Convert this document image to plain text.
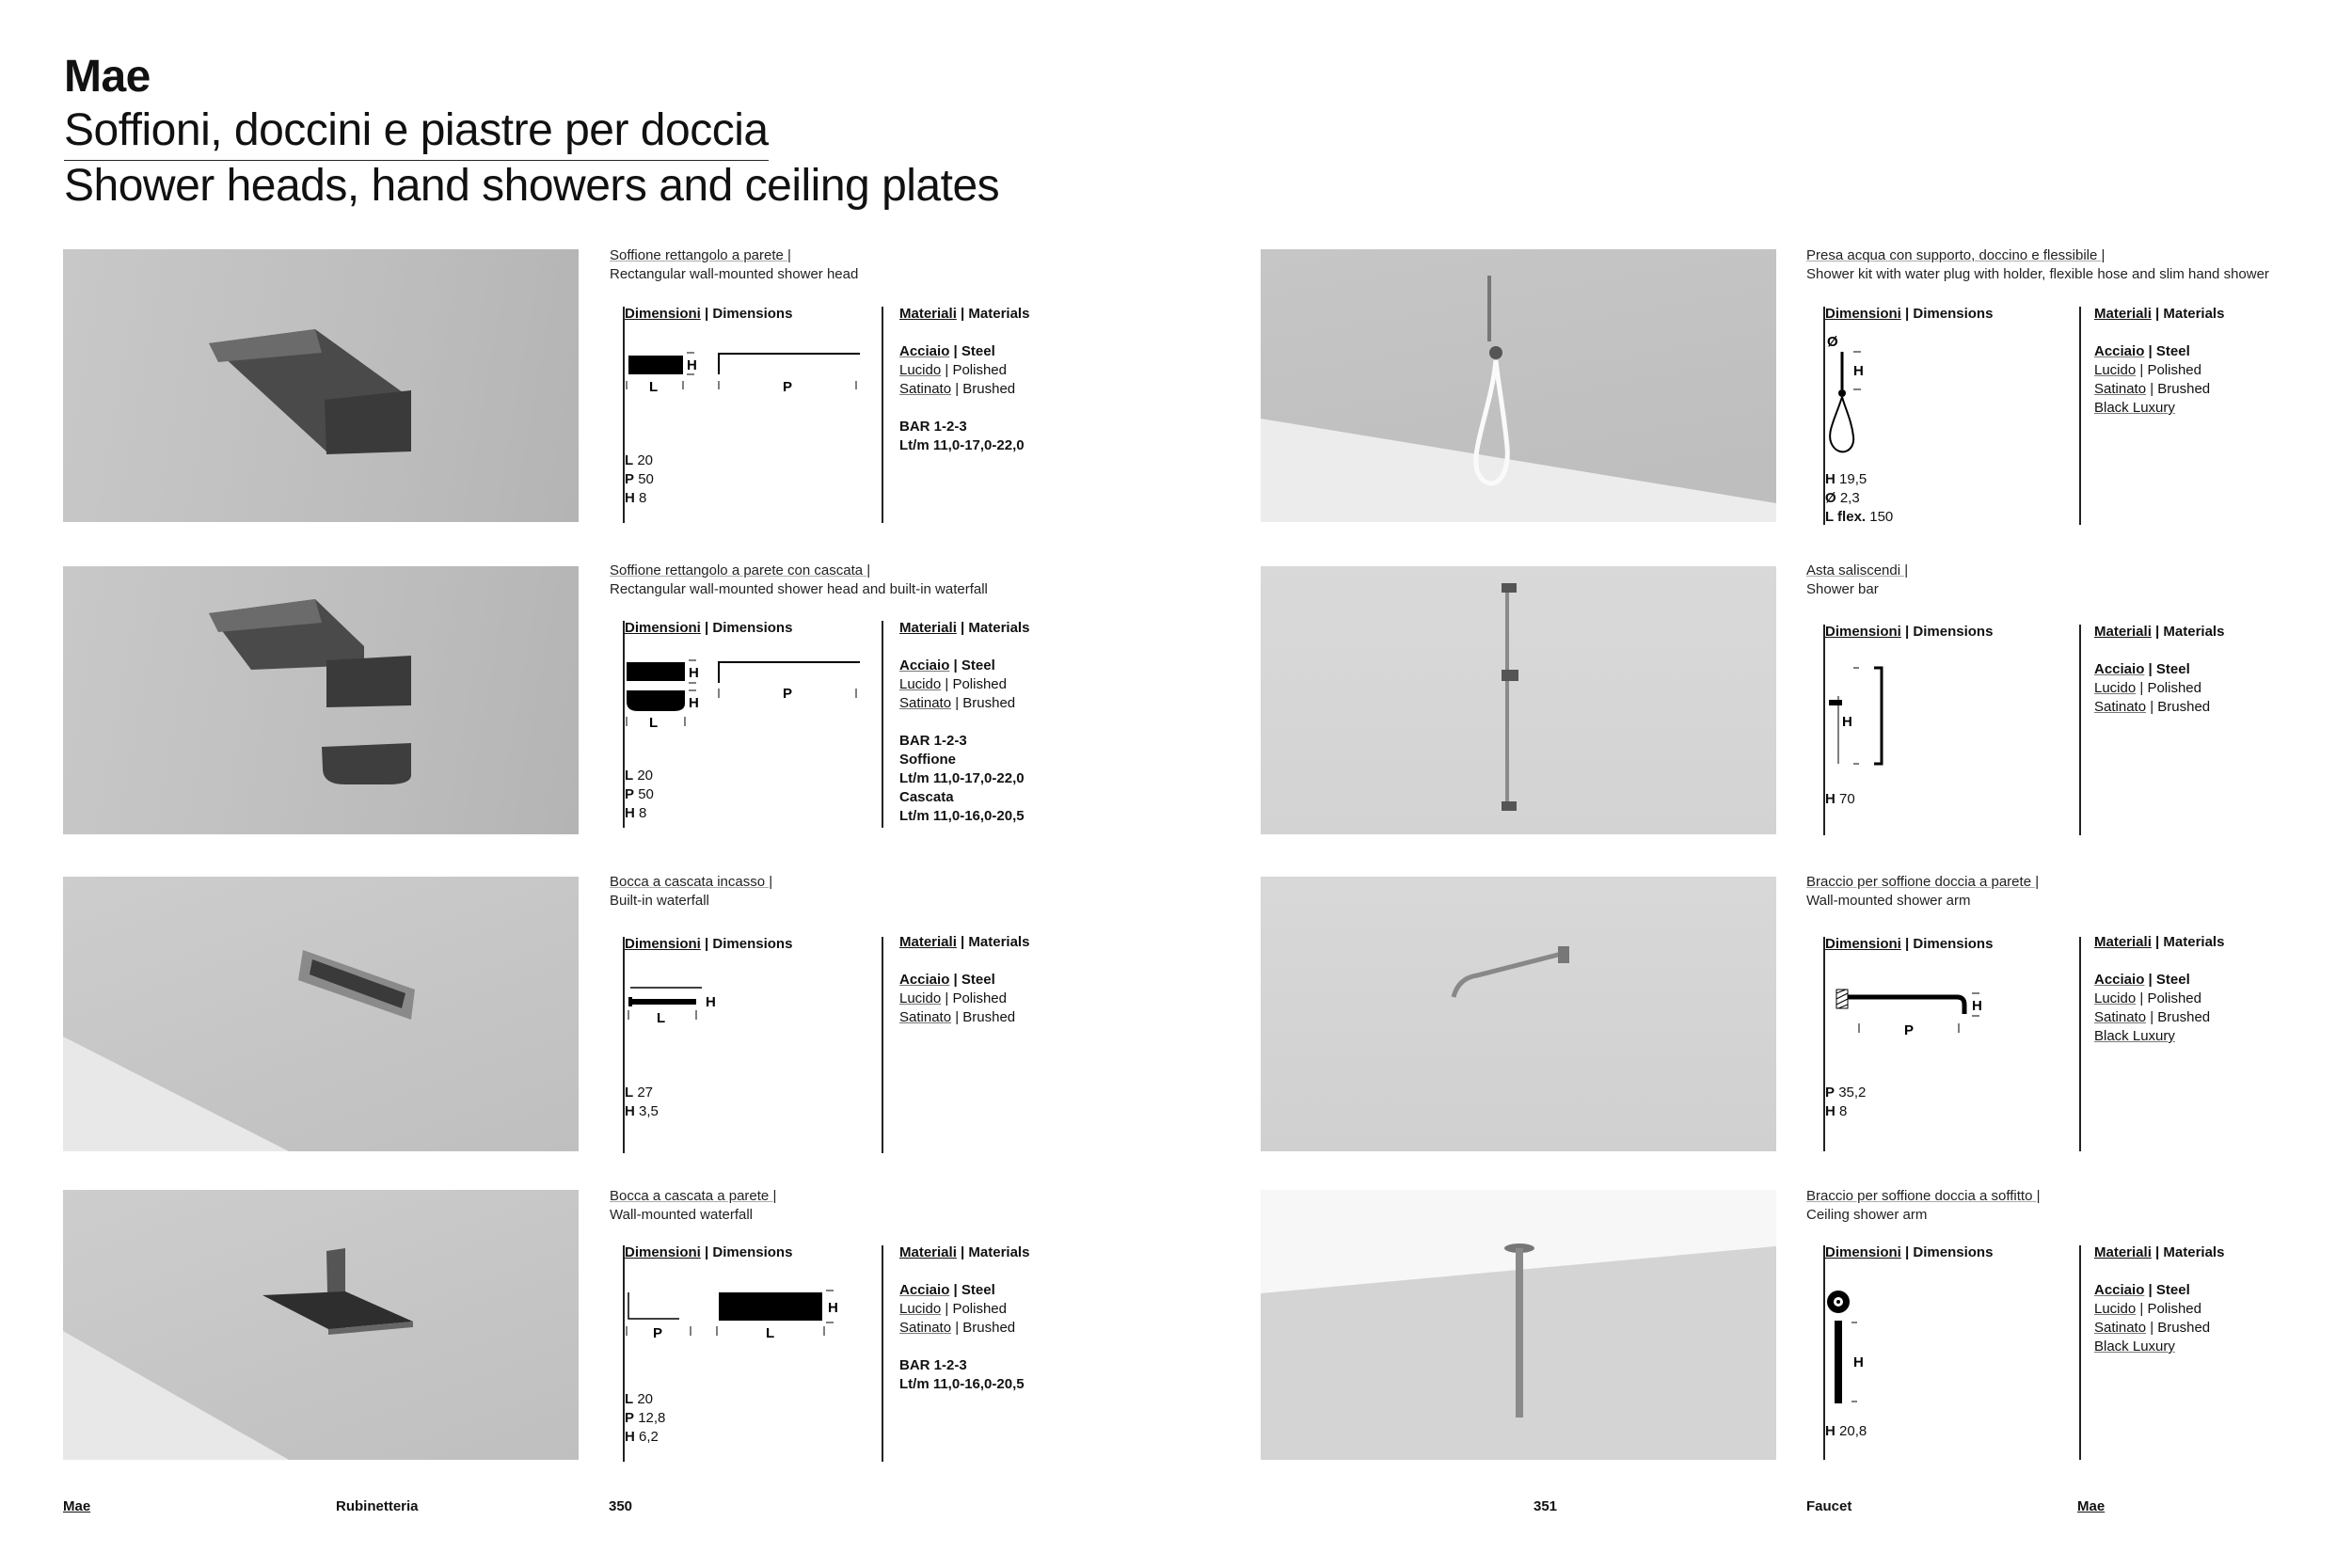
Mae
Soffioni, doccini e piastre per doccia
Shower heads, hand showers and ceiling plates
Soffione rettangolo a parete |
Rectangular wall-mounted shower head
Dimensioni | Dimensions
H
L	P
L 20
P 50
H 8
Materiali | Materials
Acciaio | Steel
Lucido | Polished
Satinato | Brushed
BAR 1-2-3
Lt/m 11,0-17,0-22,0
Soffione rettangolo a parete con cascata |
Rectangular wall-mounted shower head and built-in waterfall
Dimensioni | Dimensions
H
H
L
P
L 20
P 50
H 8
Materiali | Materials
Acciaio | Steel
Lucido | Polished
Satinato | Brushed
BAR 1-2-3
Soffione
Lt/m 11,0-17,0-22,0
Cascata
Lt/m 11,0-16,0-20,5
Bocca a cascata incasso |
Built-in waterfall
Dimensioni | Dimensions
H
L
L 27
H 3,5
Materiali | Materials
Acciaio | Steel
Lucido | Polished
Satinato | Brushed
Bocca a cascata a parete |
Wall-mounted waterfall
Dimensioni | Dimensions
P
H
L
L 20
P 12,8
H 6,2
Materiali | Materials
Acciaio | Steel
Lucido | Polished
Satinato | Brushed
BAR 1-2-3
Lt/m 11,0-16,0-20,5
Presa acqua con supporto, doccino e flessibile |
Shower kit with water plug with holder, flexible hose and slim hand shower
Dimensioni | Dimensions
Ø
H
H 19,5
Ø 2,3
L flex. 150
Materiali | Materials
Acciaio | Steel
Lucido | Polished
Satinato | Brushed
Black Luxury
Asta saliscendi |
Shower bar
Dimensioni | Dimensions
H
H 70
Materiali | Materials
Acciaio | Steel
Lucido | Polished
Satinato | Brushed
Braccio per soffione doccia a parete |
Wall-mounted shower arm
Dimensioni | Dimensions
H
P
P 35,2
H 8
Materiali | Materials
Acciaio | Steel
Lucido | Polished
Satinato | Brushed
Black Luxury
Braccio per soffione doccia a soffitto |
Ceiling shower arm
Dimensioni | Dimensions
H
H 20,8
Materiali | Materials
Acciaio | Steel
Lucido | Polished
Satinato | Brushed
Black Luxury
Mae	Rubinetteria	350	351	Faucet	Mae
